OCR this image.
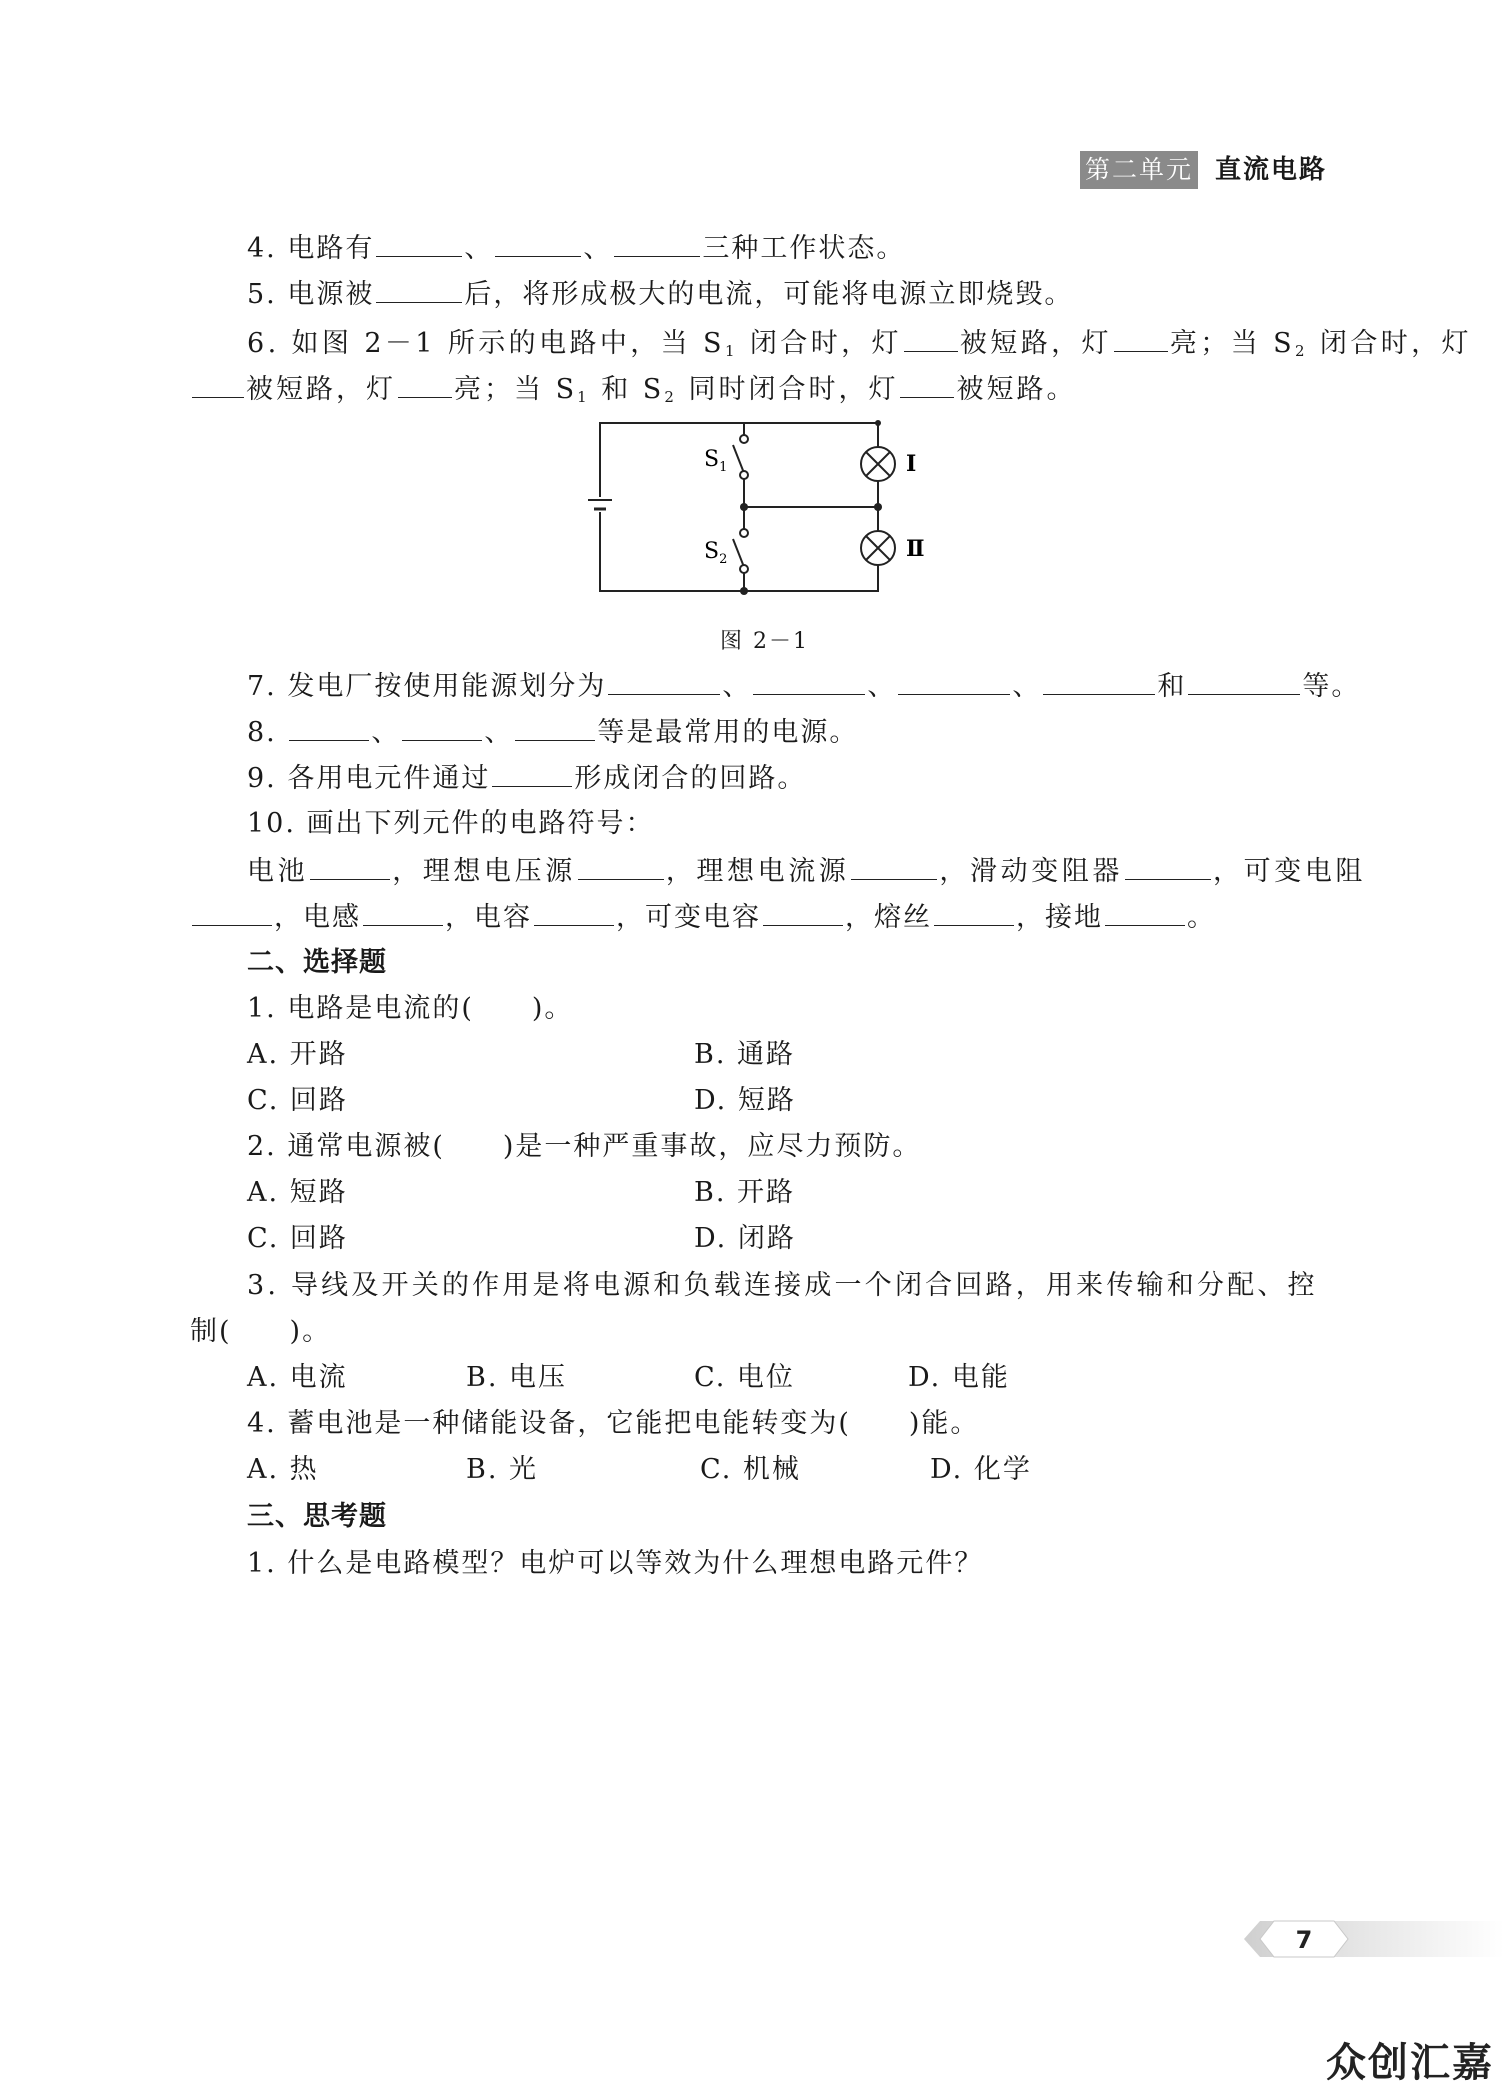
第二单元 直流电路
4. 电路有	、	、	三种工作状态。
5. 电源被	后，将形成极大的电流，可能将电源立即烧毁。
6. 如图 2－1 所示的电路中，当 $S_1$ 闭合时，灯 被短路，灯 亮；当 $S_2$ 闭合时，灯
被短路，灯 亮；当 $S_1$ 和 $S_2$ 同时闭合时，灯 被短路。
$S_1$
$S_2$
I
Ⅱ
图 2－1
7. 发电厂按使用能源划分为	、	、	、	和	等。
8.	、	、	等是最常用的电源。
9. 各用电元件通过	形成闭合的回路。
10. 画出下列元件的电路符号：
电池	，理想电压源	，理想电流源	，滑动变阻器	，可变电阻
，电感	，电容	，可变电容	，熔丝	，接地	。
二、选择题
1. 电路是电流的(　　)。
A. 开路	B. 通路
C. 回路	D. 短路
2. 通常电源被(　　)是一种严重事故，应尽力预防。
A. 短路	B. 开路
C. 回路	D. 闭路
3. 导线及开关的作用是将电源和负载连接成一个闭合回路，用来传输和分配、控
制(　　)。
A. 电流	B. 电压	C. 电位	D. 电能
4. 蓄电池是一种储能设备，它能把电能转变为(　　)能。
A. 热	B. 光	C. 机械	D. 化学
三、思考题
1. 什么是电路模型？电炉可以等效为什么理想电路元件？
7
众创汇嘉
